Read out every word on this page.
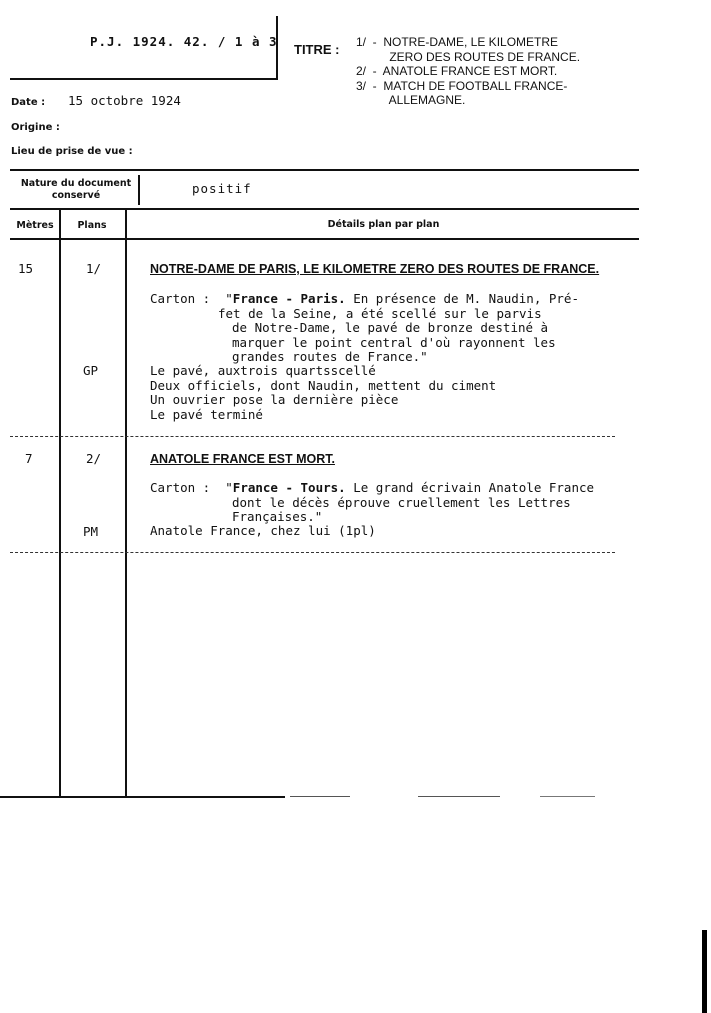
P.J. 1924. 42. / 1 à 3
TITRE : 1/  -  NOTRE-DAME, LE KILOMETRE
ZERO DES ROUTES DE FRANCE.
2/  -  ANATOLE FRANCE EST MORT.
3/  -  MATCH DE FOOTBALL FRANCE-
ALLEMAGNE.
Date : 15 octobre 1924
Origine :
Lieu de prise de vue :
Nature du document
conservé	positif
Mètres	Plans	Détails plan par plan
15	1/	NOTRE-DAME DE PARIS, LE KILOMETRE ZERO DES ROUTES DE FRANCE.
Carton :  "France - Paris. En présence de M. Naudin, Pré-
fet de la Seine, a été scellé sur le parvis
de Notre-Dame, le pavé de bronze destiné à
marquer le point central d'où rayonnent les
grandes routes de France."
GP	Le pavé, auxtrois quartsscellé
Deux officiels, dont Naudin, mettent du ciment
Un ouvrier pose la dernière pièce
Le pavé terminé
7	2/	ANATOLE FRANCE EST MORT.
Carton :  "France - Tours. Le grand écrivain Anatole France
dont le décès éprouve cruellement les Lettres
Françaises."
PM	Anatole France, chez lui (1pl)
